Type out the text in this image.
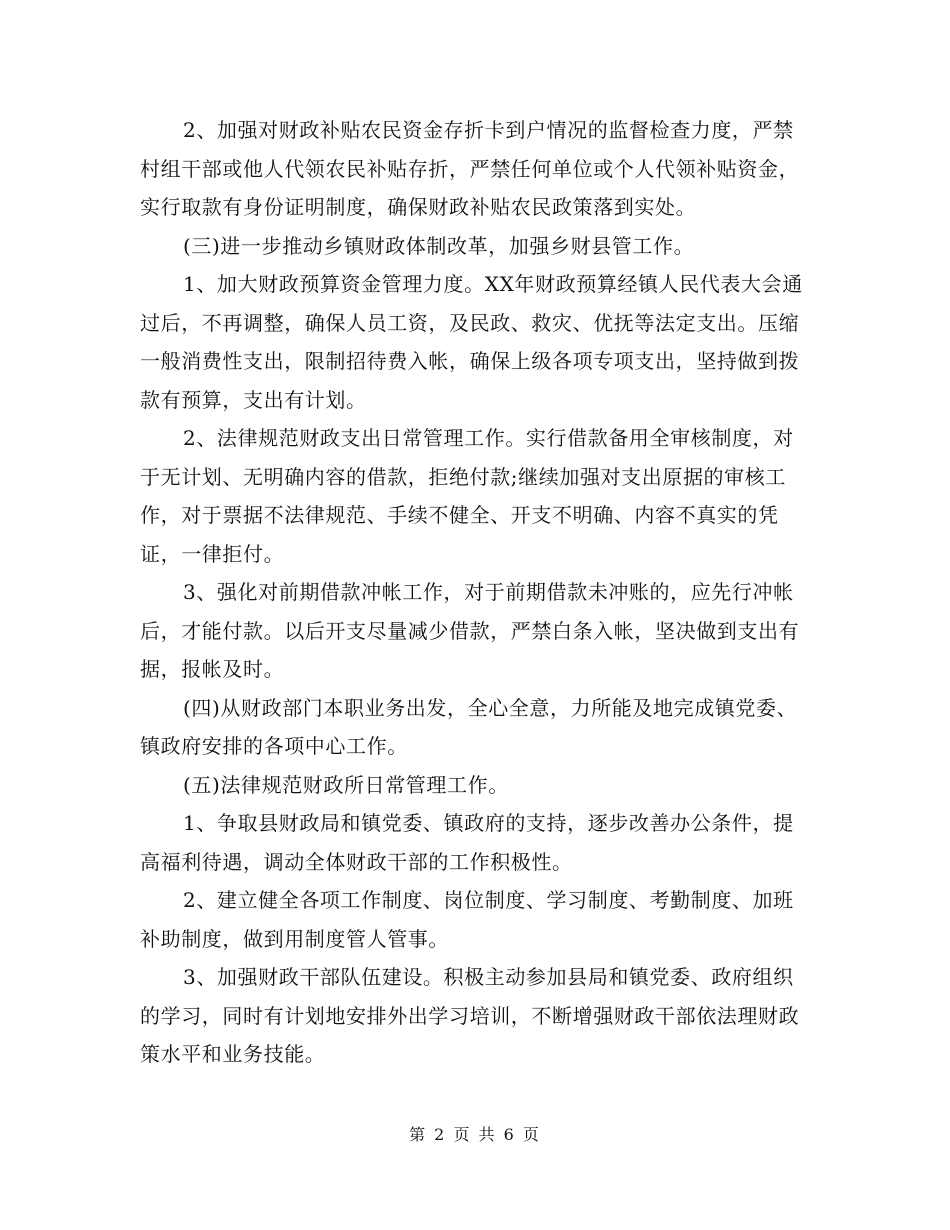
2、加强对财政补贴农民资金存折卡到户情况的监督检查力度，严禁村组干部或他人代领农民补贴存折，严禁任何单位或个人代领补贴资金，实行取款有身份证明制度，确保财政补贴农民政策落到实处。

(三)进一步推动乡镇财政体制改革，加强乡财县管工作。

1、加大财政预算资金管理力度。XX年财政预算经镇人民代表大会通过后，不再调整，确保人员工资，及民政、救灾、优抚等法定支出。压缩一般消费性支出，限制招待费入帐，确保上级各项专项支出，坚持做到拨款有预算，支出有计划。

2、法律规范财政支出日常管理工作。实行借款备用全审核制度，对于无计划、无明确内容的借款，拒绝付款;继续加强对支出原据的审核工作，对于票据不法律规范、手续不健全、开支不明确、内容不真实的凭证，一律拒付。

3、强化对前期借款冲帐工作，对于前期借款未冲账的，应先行冲帐后，才能付款。以后开支尽量减少借款，严禁白条入帐，坚决做到支出有据，报帐及时。

(四)从财政部门本职业务出发，全心全意，力所能及地完成镇党委、镇政府安排的各项中心工作。

(五)法律规范财政所日常管理工作。

1、争取县财政局和镇党委、镇政府的支持，逐步改善办公条件，提高福利待遇，调动全体财政干部的工作积极性。

2、建立健全各项工作制度、岗位制度、学习制度、考勤制度、加班补助制度，做到用制度管人管事。

3、加强财政干部队伍建设。积极主动参加县局和镇党委、政府组织的学习，同时有计划地安排外出学习培训，不断增强财政干部依法理财政策水平和业务技能。

第 2 页 共 6 页
